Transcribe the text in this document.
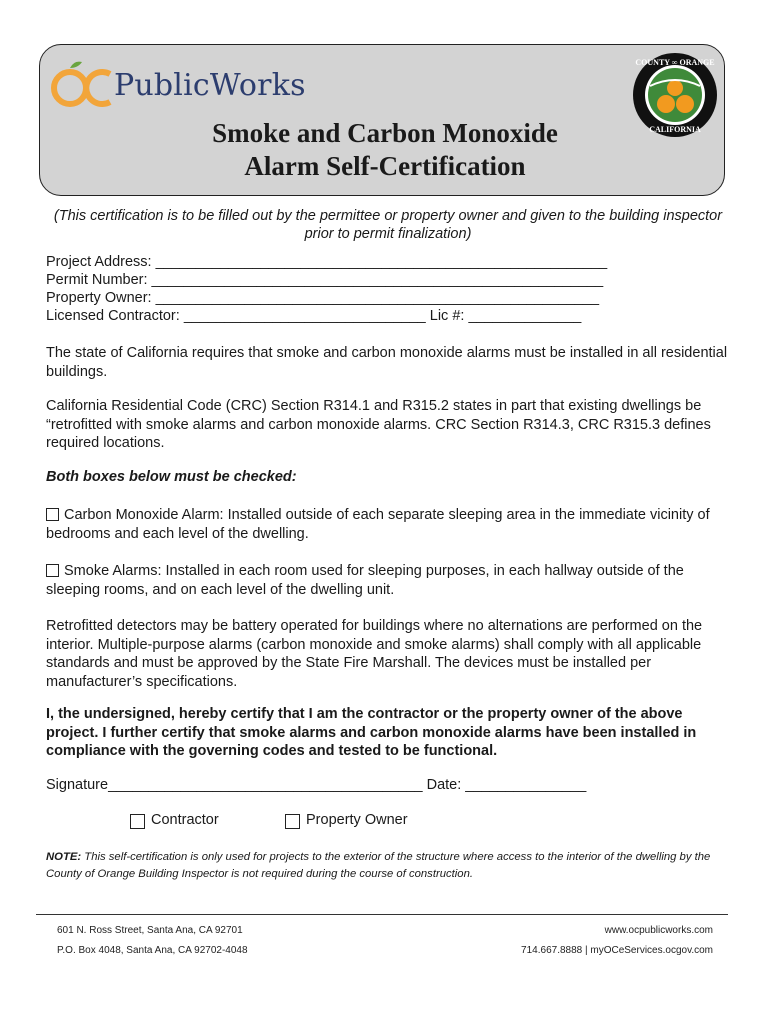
PublicWorks
COUNTY ∞ ORANGE
CALIFORNIA
Smoke and Carbon Monoxide
Alarm Self-Certification
(This certification is to be filled out by the permittee or property owner and given to the building inspector prior to permit finalization)
Project Address: ________________________________________________________
Permit Number: ________________________________________________________
Property Owner: _______________________________________________________
Licensed Contractor: ______________________________ Lic #: ______________
The state of California requires that smoke and carbon monoxide alarms must be installed in all residential buildings.
California Residential Code (CRC) Section R314.1 and R315.2 states in part that existing dwellings be “retrofitted with smoke alarms and carbon monoxide alarms. CRC Section R314.3, CRC R315.3 defines required locations.
Both boxes below must be checked:
Carbon Monoxide Alarm: Installed outside of each separate sleeping area in the immediate vicinity of bedrooms and each level of the dwelling.
Smoke Alarms: Installed in each room used for sleeping purposes, in each hallway outside of the sleeping rooms, and on each level of the dwelling unit.
Retrofitted detectors may be battery operated for buildings where no alternations are performed on the interior. Multiple-purpose alarms (carbon monoxide and smoke alarms) shall comply with all applicable standards and must be approved by the State Fire Marshall. The devices must be installed per manufacturer’s specifications.
I, the undersigned, hereby certify that I am the contractor or the property owner of the above project. I further certify that smoke alarms and carbon monoxide alarms have been installed in compliance with the governing codes and tested to be functional.
Signature_______________________________________ Date: _______________
Contractor	Property Owner
NOTE: This self-certification is only used for projects to the exterior of the structure where access to the interior of the dwelling by the County of Orange Building Inspector is not required during the course of construction.
601 N. Ross Street, Santa Ana, CA 92701
P.O. Box 4048, Santa Ana, CA 92702-4048
www.ocpublicworks.com
714.667.8888 | myOCeServices.ocgov.com
